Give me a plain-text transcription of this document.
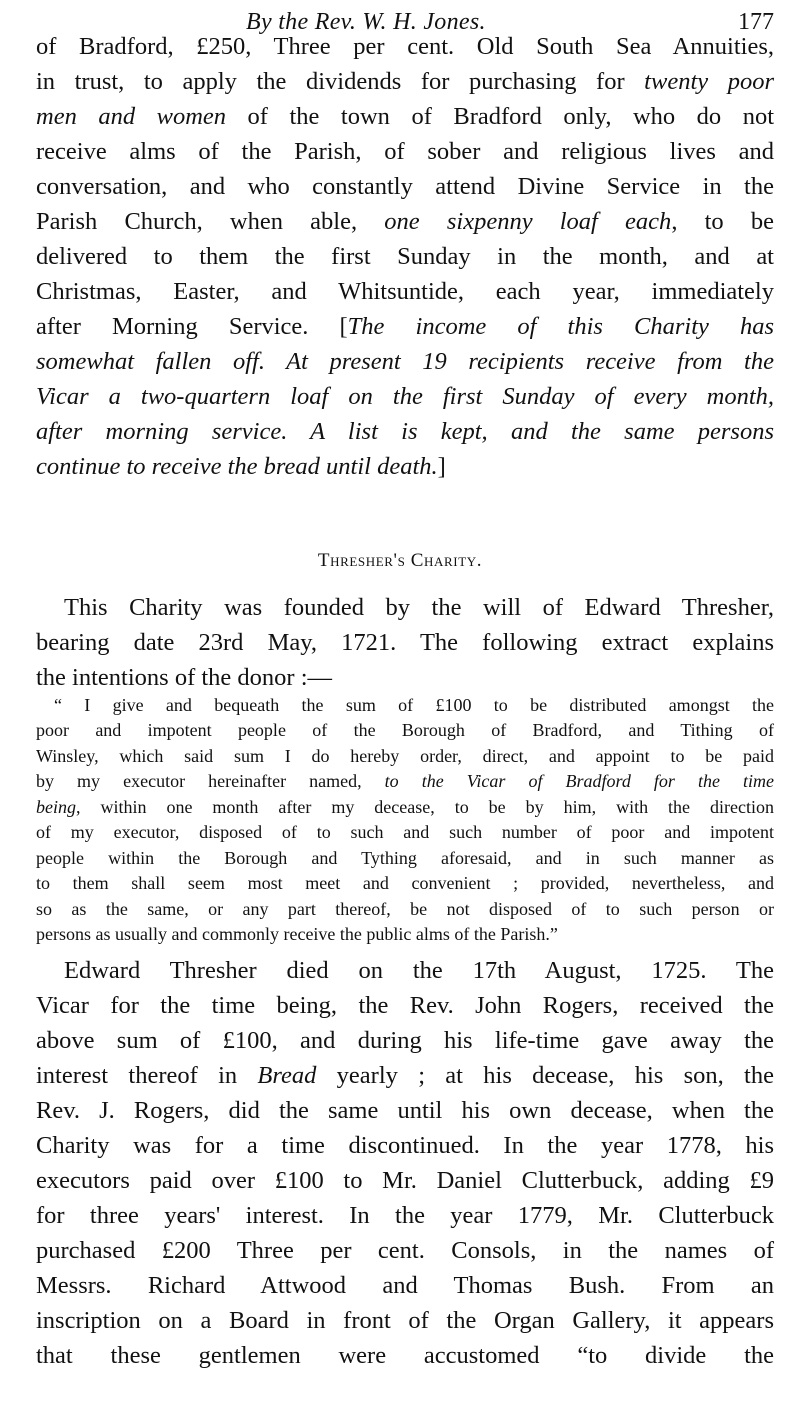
By the Rev. W. H. Jones.	177
of Bradford, £250, Three per cent. Old South Sea Annuities,
in trust, to apply the dividends for purchasing for twenty poor
men and women of the town of Bradford only, who do not
receive alms of the Parish, of sober and religious lives and
conversation, and who constantly attend Divine Service in the
Parish Church, when able, one sixpenny loaf each, to be
delivered to them the first Sunday in the month, and at
Christmas, Easter, and Whitsuntide, each year, immediately
after Morning Service. [The income of this Charity has
somewhat fallen off. At present 19 recipients receive from the
Vicar a two-quartern loaf on the first Sunday of every month,
after morning service. A list is kept, and the same persons
continue to receive the bread until death.]
Thresher's Charity.
This Charity was founded by the will of Edward Thresher,
bearing date 23rd May, 1721. The following extract explains
the intentions of the donor :—
“ I give and bequeath the sum of £100 to be distributed amongst the
poor and impotent people of the Borough of Bradford, and Tithing of
Winsley, which said sum I do hereby order, direct, and appoint to be paid
by my executor hereinafter named, to the Vicar of Bradford for the time
being, within one month after my decease, to be by him, with the direction
of my executor, disposed of to such and such number of poor and impotent
people within the Borough and Tything aforesaid, and in such manner as
to them shall seem most meet and convenient ; provided, nevertheless, and
so as the same, or any part thereof, be not disposed of to such person or
persons as usually and commonly receive the public alms of the Parish.”
Edward Thresher died on the 17th August, 1725. The
Vicar for the time being, the Rev. John Rogers, received the
above sum of £100, and during his life-time gave away the
interest thereof in Bread yearly ; at his decease, his son, the
Rev. J. Rogers, did the same until his own decease, when the
Charity was for a time discontinued. In the year 1778, his
executors paid over £100 to Mr. Daniel Clutterbuck, adding £9
for three years' interest. In the year 1779, Mr. Clutterbuck
purchased £200 Three per cent. Consols, in the names of
Messrs. Richard Attwood and Thomas Bush. From an
inscription on a Board in front of the Organ Gallery, it appears
that these gentlemen were accustomed “to divide the
